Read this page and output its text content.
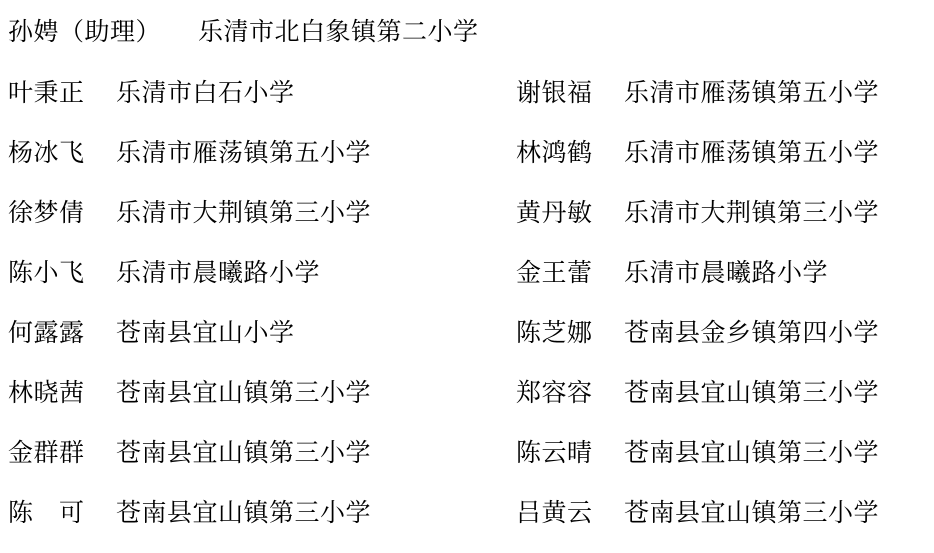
孙娉（助理）	乐清市北白象镇第二小学
叶秉正	乐清市白石小学	谢银福	乐清市雁荡镇第五小学
杨冰飞	乐清市雁荡镇第五小学	林鸿鹤	乐清市雁荡镇第五小学
徐梦倩	乐清市大荆镇第三小学	黄丹敏	乐清市大荆镇第三小学
陈小飞	乐清市晨曦路小学	金王蕾	乐清市晨曦路小学
何露露	苍南县宜山小学	陈芝娜	苍南县金乡镇第四小学
林晓茜	苍南县宜山镇第三小学	郑容容	苍南县宜山镇第三小学
金群群	苍南县宜山镇第三小学	陈云晴	苍南县宜山镇第三小学
陈　可	苍南县宜山镇第三小学	吕黄云	苍南县宜山镇第三小学
